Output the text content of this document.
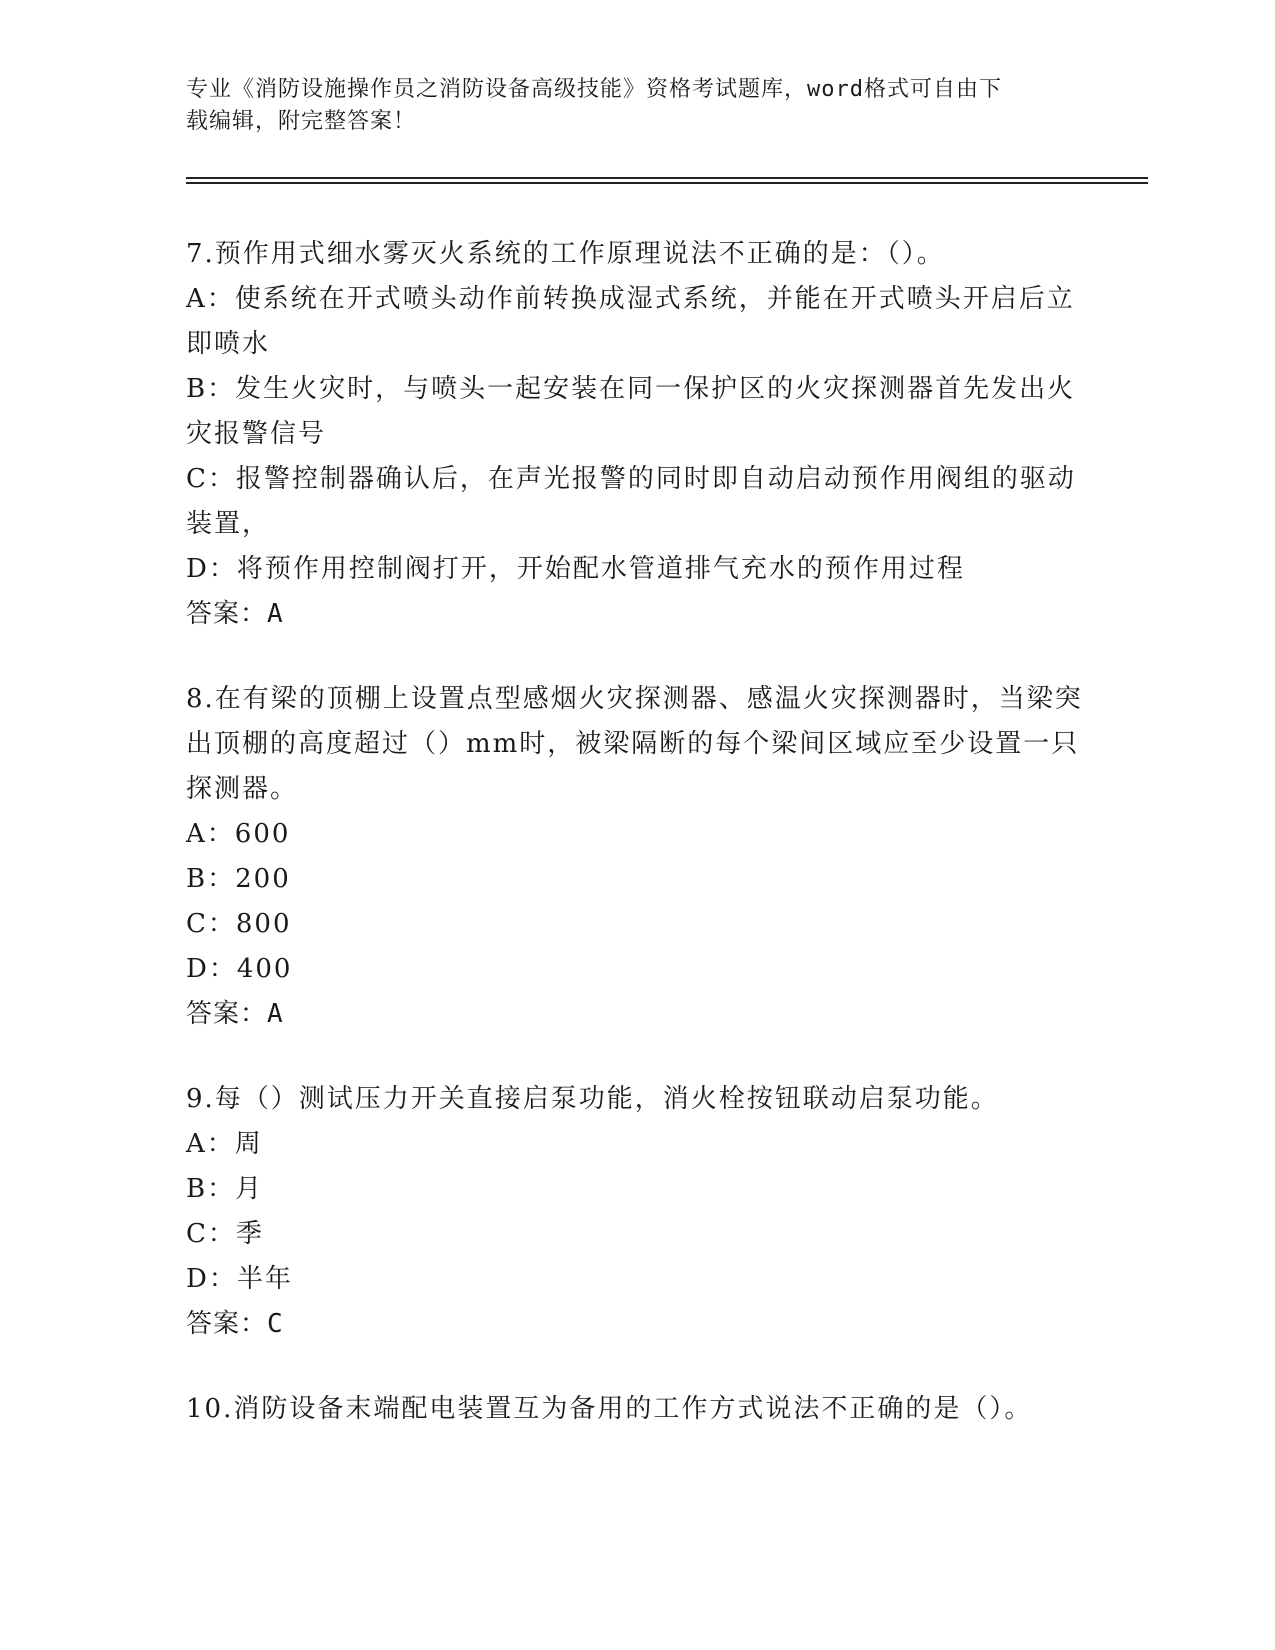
专业《消防设施操作员之消防设备高级技能》资格考试题库，word格式可自由下
载编辑，附完整答案！

7.预作用式细水雾灭火系统的工作原理说法不正确的是：（）。

A：使系统在开式喷头动作前转换成湿式系统，并能在开式喷头开启后立即喷水

B：发生火灾时，与喷头一起安装在同一保护区的火灾探测器首先发出火灾报警信号

C：报警控制器确认后，在声光报警的同时即自动启动预作用阀组的驱动装置，

D：将预作用控制阀打开，开始配水管道排气充水的预作用过程

答案：A

8.在有梁的顶棚上设置点型感烟火灾探测器、感温火灾探测器时，当梁突出顶棚的高度超过（）mm时，被梁隔断的每个梁间区域应至少设置一只探测器。

A：600

B：200

C：800

D：400

答案：A

9.每（）测试压力开关直接启泵功能，消火栓按钮联动启泵功能。

A：周

B：月

C：季

D：半年

答案：C

10.消防设备末端配电装置互为备用的工作方式说法不正确的是（）。
